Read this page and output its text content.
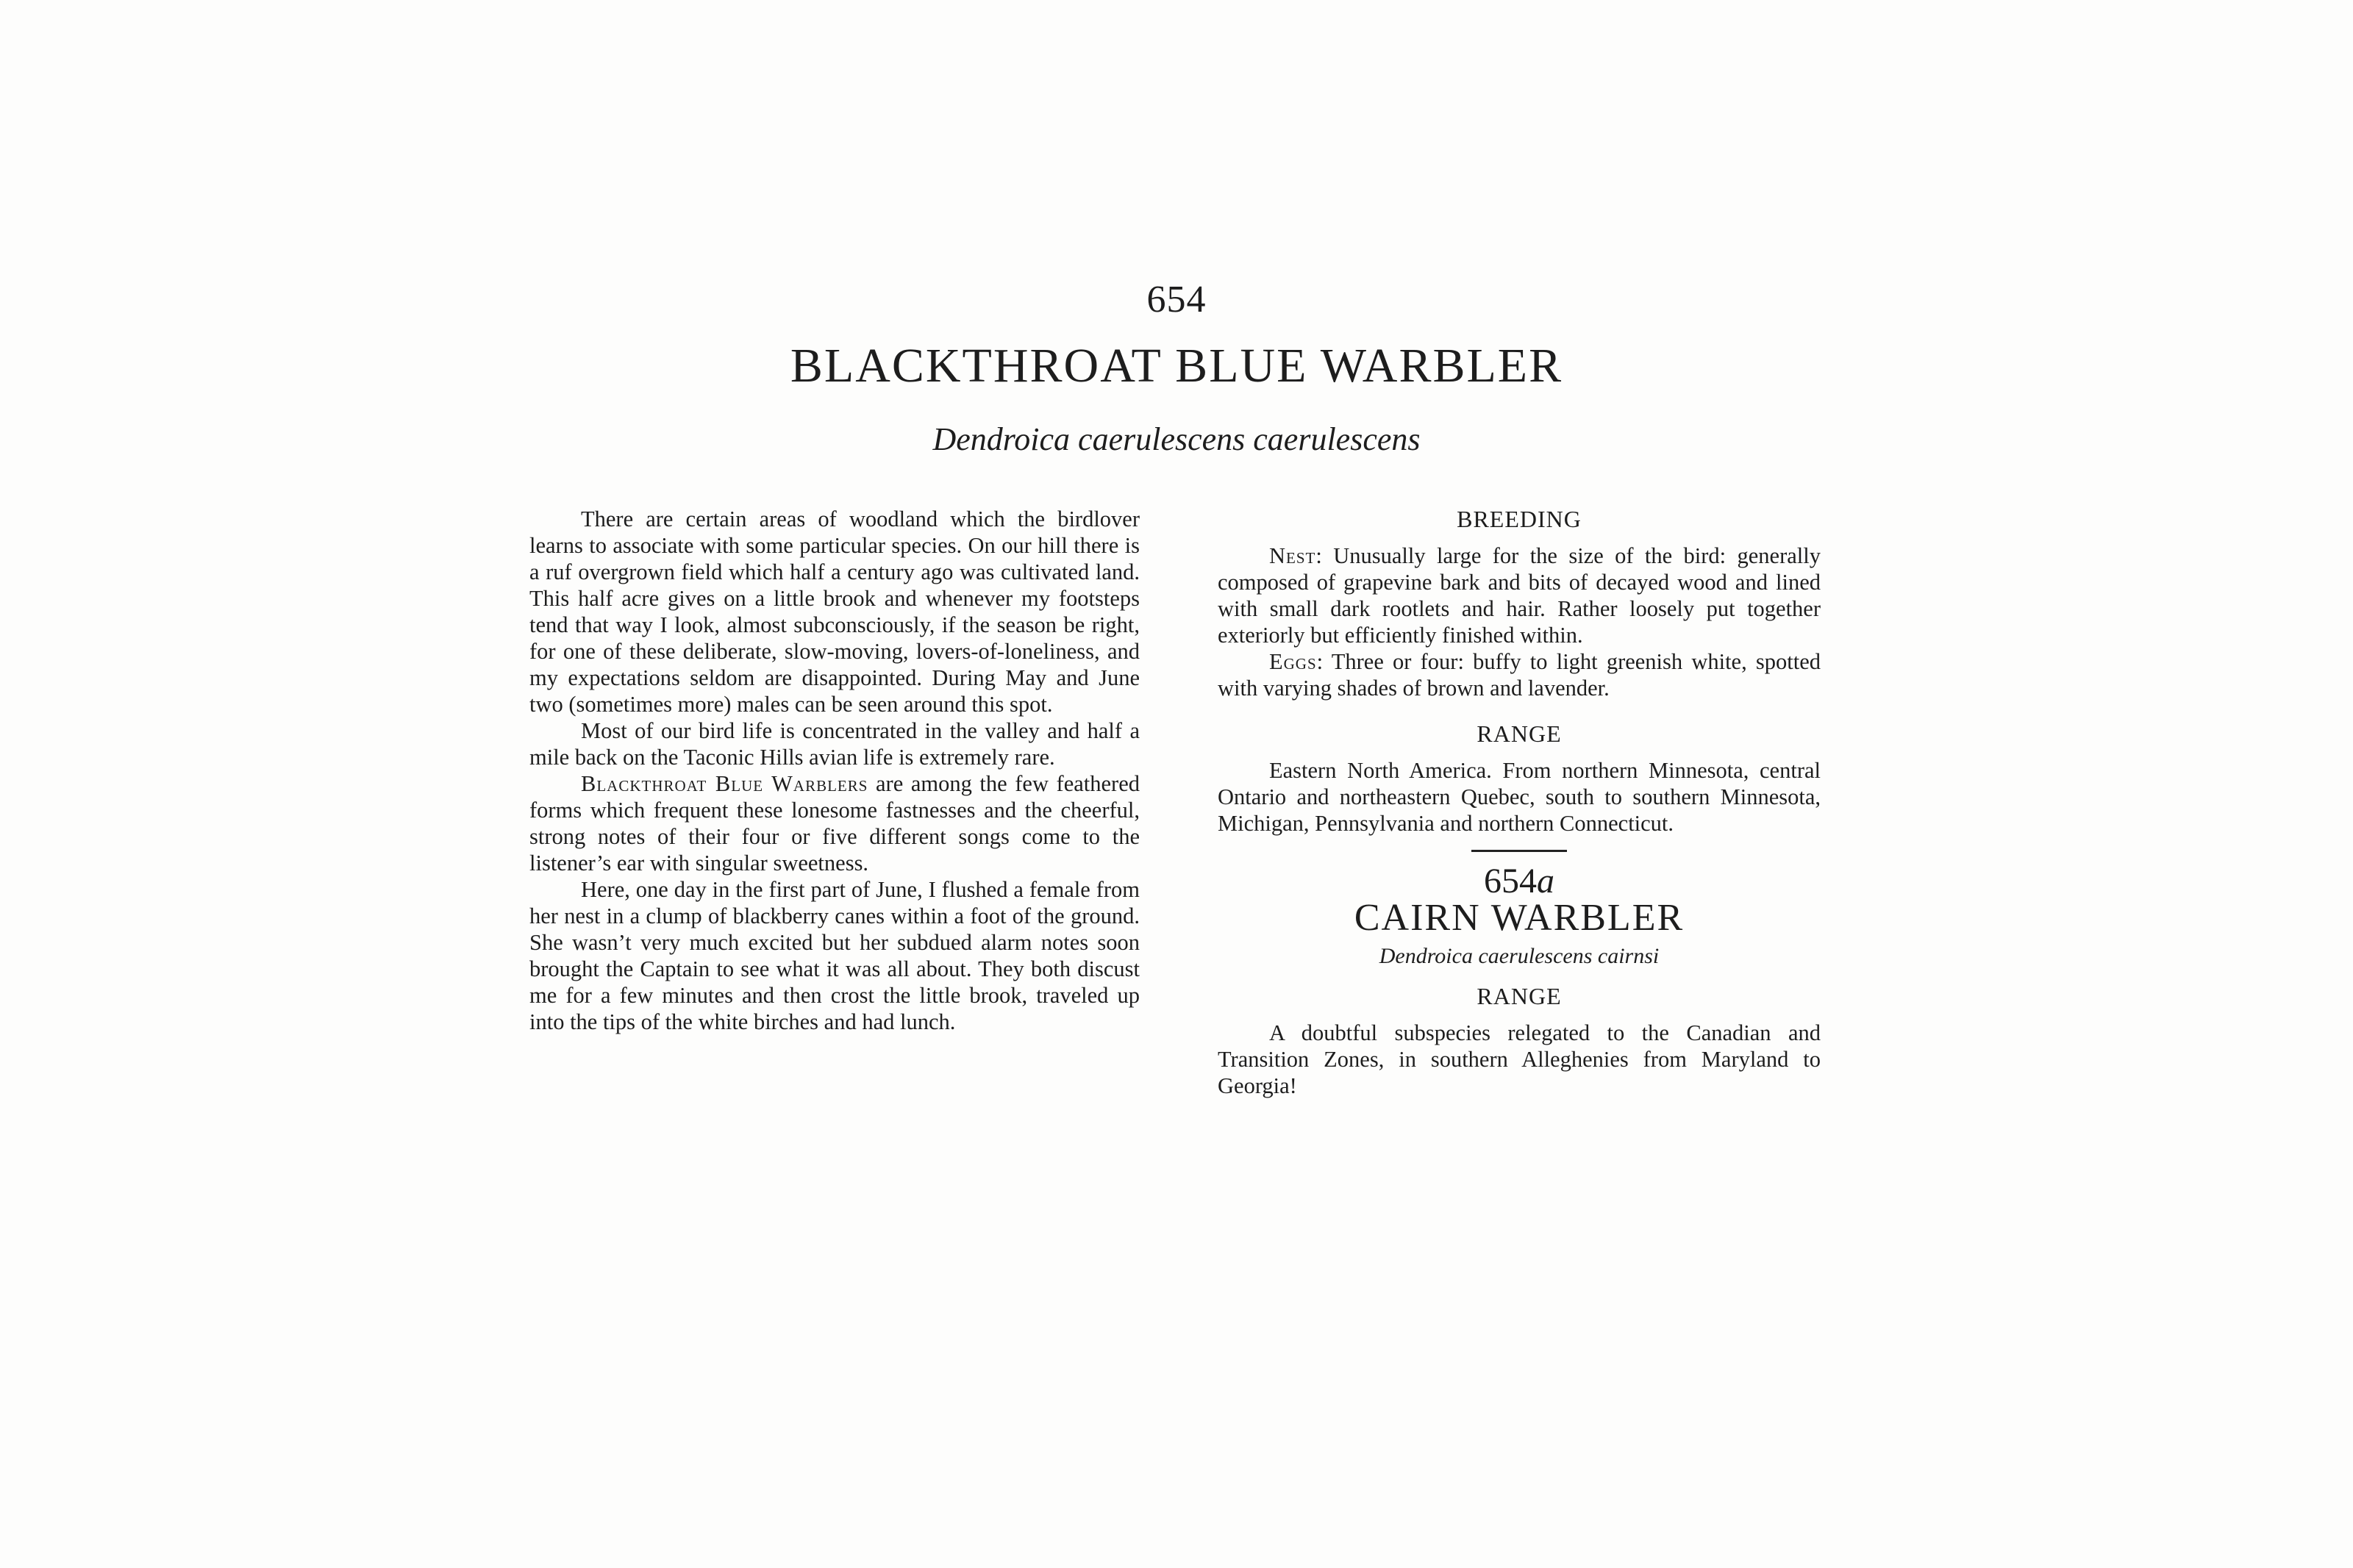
654
BLACKTHROAT BLUE WARBLER
Dendroica caerulescens caerulescens

There are certain areas of woodland which the birdlover learns to associate with some particular species. On our hill there is a ruf overgrown field which half a century ago was cultivated land. This half acre gives on a little brook and whenever my footsteps tend that way I look, almost subconsciously, if the season be right, for one of these deliberate, slow-moving, lovers-of-loneliness, and my expectations seldom are disappointed. During May and June two (sometimes more) males can be seen around this spot.

Most of our bird life is concentrated in the valley and half a mile back on the Taconic Hills avian life is extremely rare.

Blackthroat Blue Warblers are among the few feathered forms which frequent these lonesome fastnesses and the cheerful, strong notes of their four or five different songs come to the listener’s ear with singular sweetness.

Here, one day in the first part of June, I flushed a female from her nest in a clump of blackberry canes within a foot of the ground. She wasn’t very much excited but her subdued alarm notes soon brought the Captain to see what it was all about. They both discust me for a few minutes and then crost the little brook, traveled up into the tips of the white birches and had lunch.

BREEDING

Nest: Unusually large for the size of the bird: generally composed of grapevine bark and bits of decayed wood and lined with small dark rootlets and hair. Rather loosely put together exteriorly but efficiently finished within.

Eggs: Three or four: buffy to light greenish white, spotted with varying shades of brown and lavender.

RANGE

Eastern North America. From northern Minnesota, central Ontario and northeastern Quebec, south to southern Minnesota, Michigan, Pennsylvania and northern Connecticut.

654a
CAIRN WARBLER
Dendroica caerulescens cairnsi
RANGE

A doubtful subspecies relegated to the Canadian and Transition Zones, in southern Alleghenies from Maryland to Georgia!
